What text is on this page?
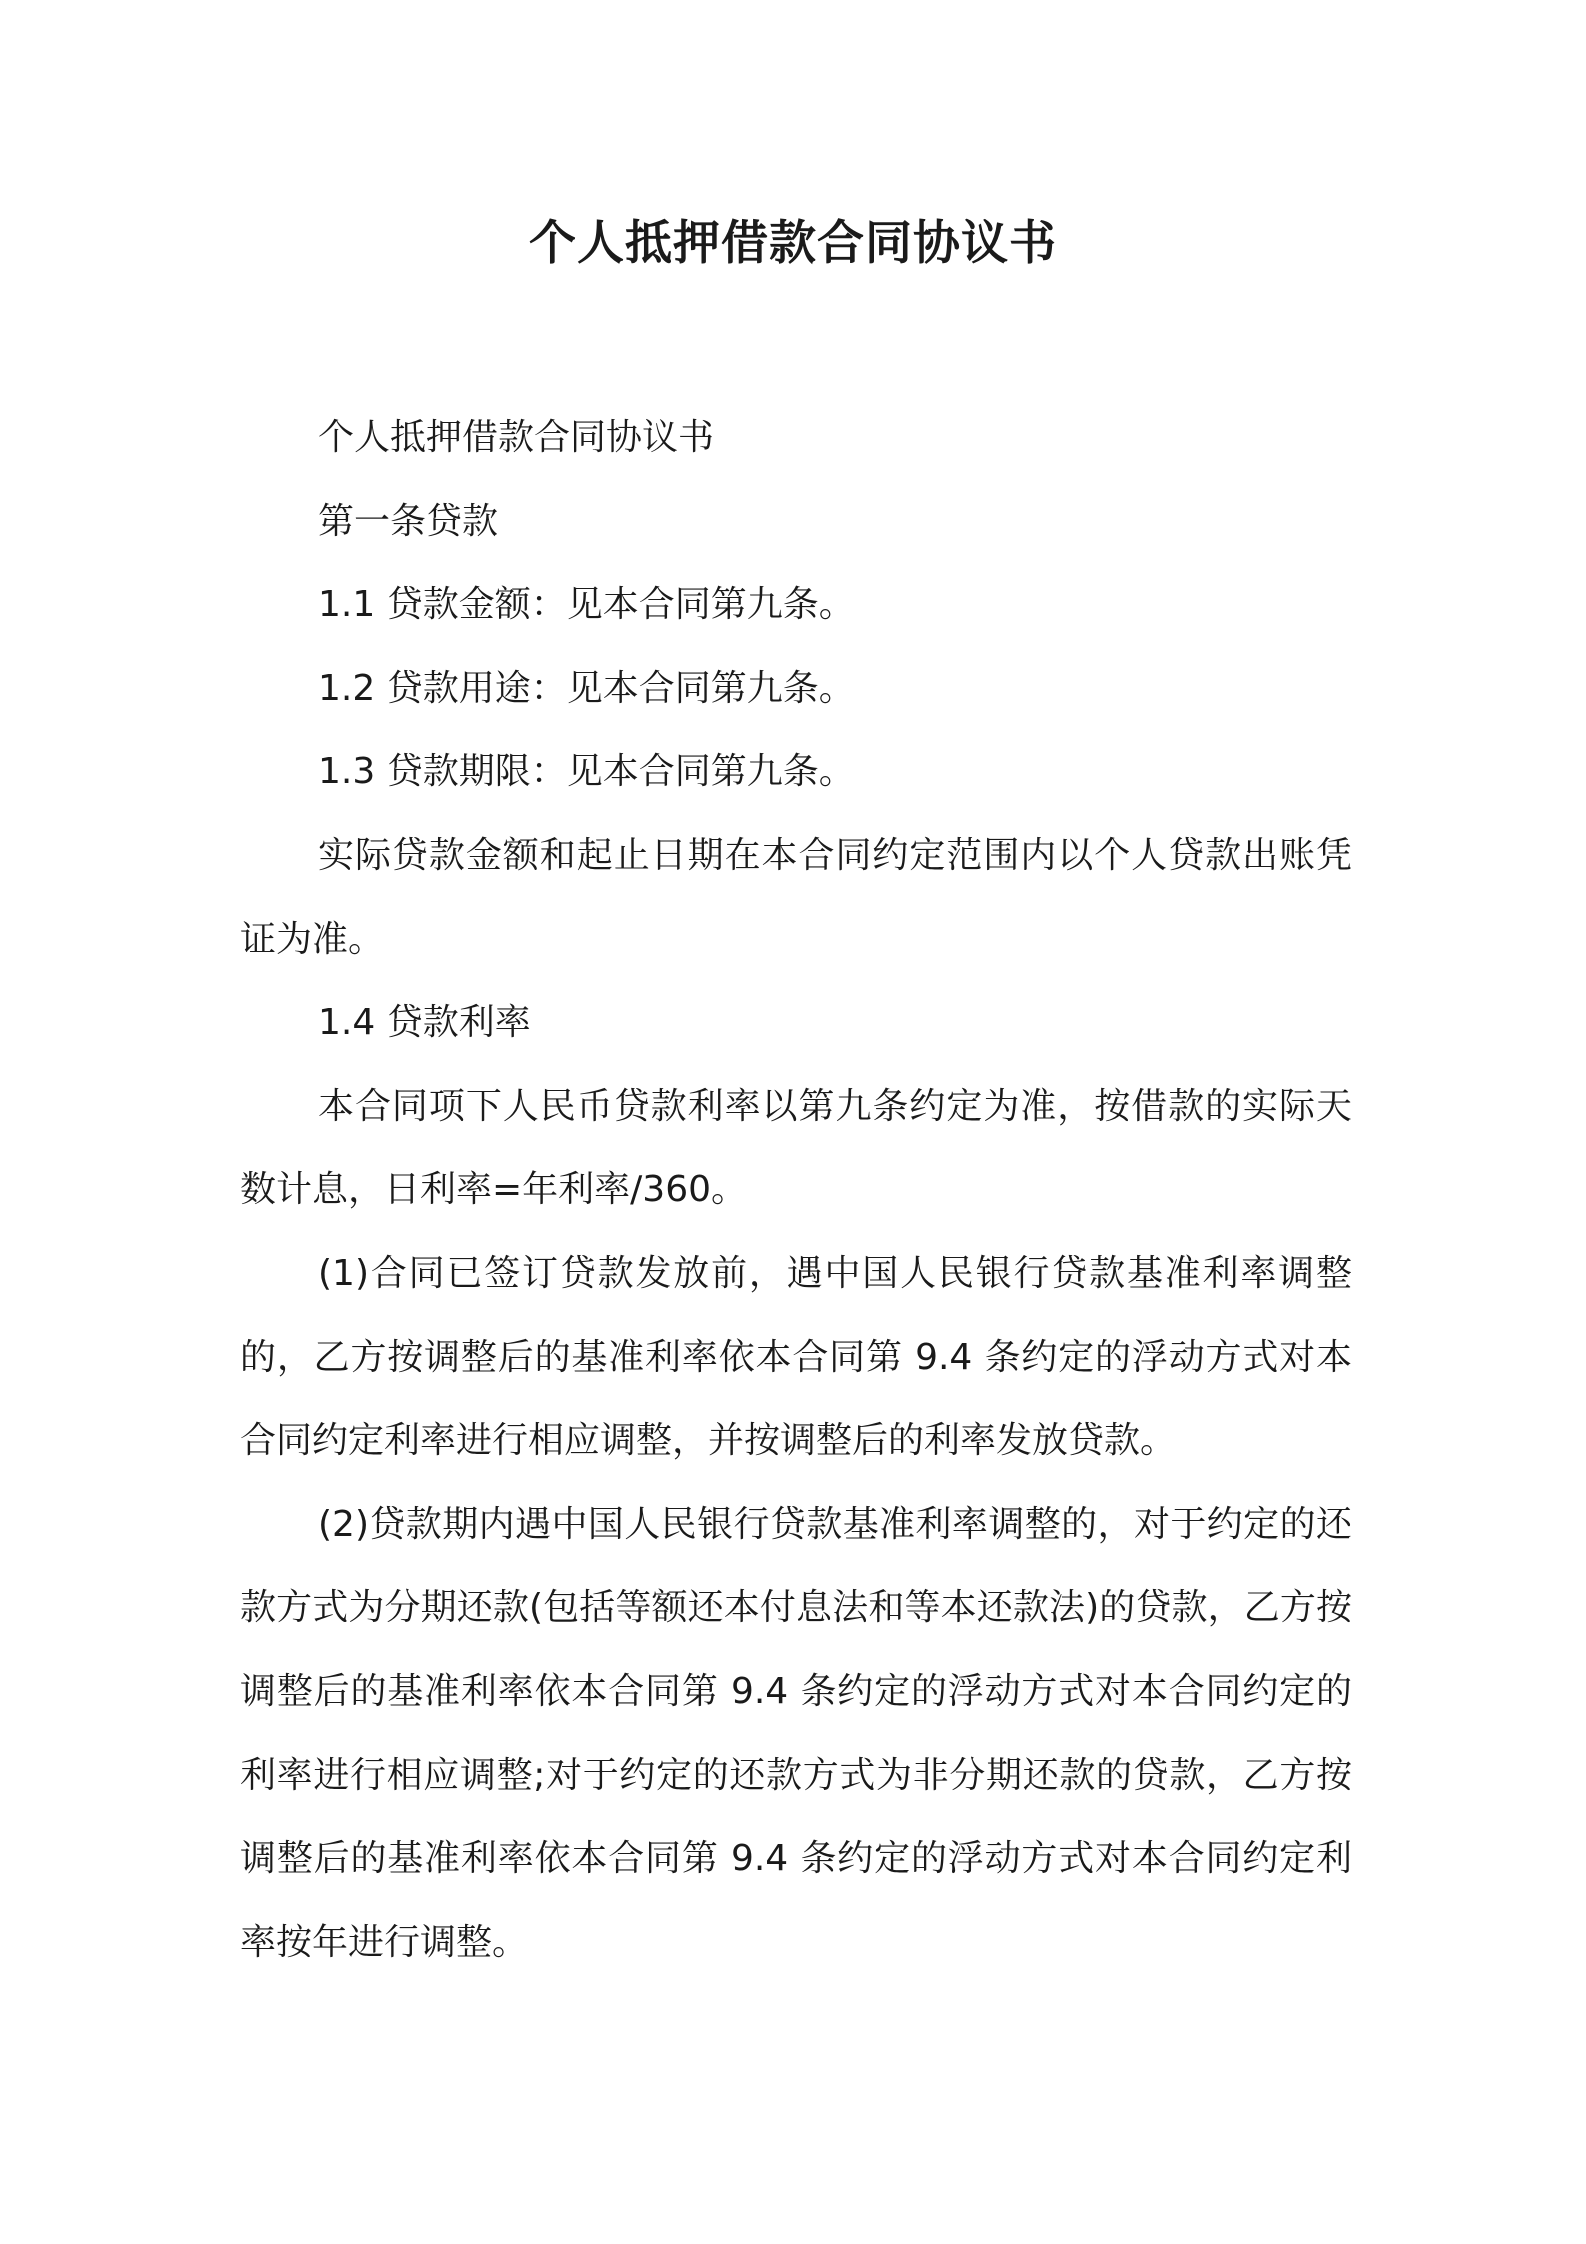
个人抵押借款合同协议书

个人抵押借款合同协议书

第一条贷款

1.1 贷款金额：见本合同第九条。

1.2 贷款用途：见本合同第九条。

1.3 贷款期限：见本合同第九条。

实际贷款金额和起止日期在本合同约定范围内以个人贷款出账凭证为准。

1.4 贷款利率

本合同项下人民币贷款利率以第九条约定为准，按借款的实际天数计息，日利率=年利率/360。

(1)合同已签订贷款发放前，遇中国人民银行贷款基准利率调整的，乙方按调整后的基准利率依本合同第 9.4 条约定的浮动方式对本合同约定利率进行相应调整，并按调整后的利率发放贷款。

(2)贷款期内遇中国人民银行贷款基准利率调整的，对于约定的还款方式为分期还款(包括等额还本付息法和等本还款法)的贷款，乙方按调整后的基准利率依本合同第 9.4 条约定的浮动方式对本合同约定的利率进行相应调整;对于约定的还款方式为非分期还款的贷款，乙方按调整后的基准利率依本合同第 9.4 条约定的浮动方式对本合同约定利率按年进行调整。
